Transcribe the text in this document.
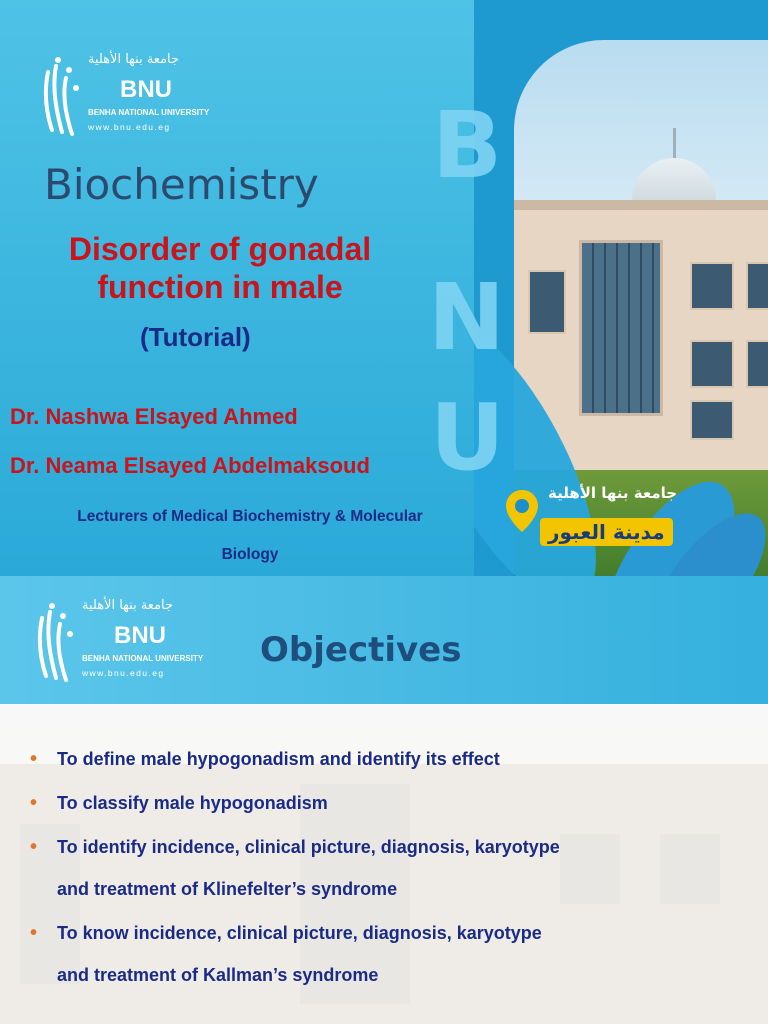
B
N
U
جامعة بنها الأهلية
BNU
BENHA NATIONAL UNIVERSITY
www.bnu.edu.eg
Biochemistry
Disorder of gonadal
function in male
(Tutorial)
Dr. Nashwa Elsayed Ahmed
Dr. Neama Elsayed Abdelmaksoud
Lecturers of Medical Biochemistry & Molecular
Biology
جامعة بنها الأهلية
مدينة العبور
جامعة بنها الأهلية
BNU
BENHA NATIONAL UNIVERSITY
www.bnu.edu.eg
Objectives
• To define male hypogonadism and identify its effect
• To classify male hypogonadism
• To identify incidence, clinical picture, diagnosis, karyotype
and treatment of Klinefelter’s syndrome
• To know incidence, clinical picture, diagnosis, karyotype
and treatment of Kallman’s syndrome
